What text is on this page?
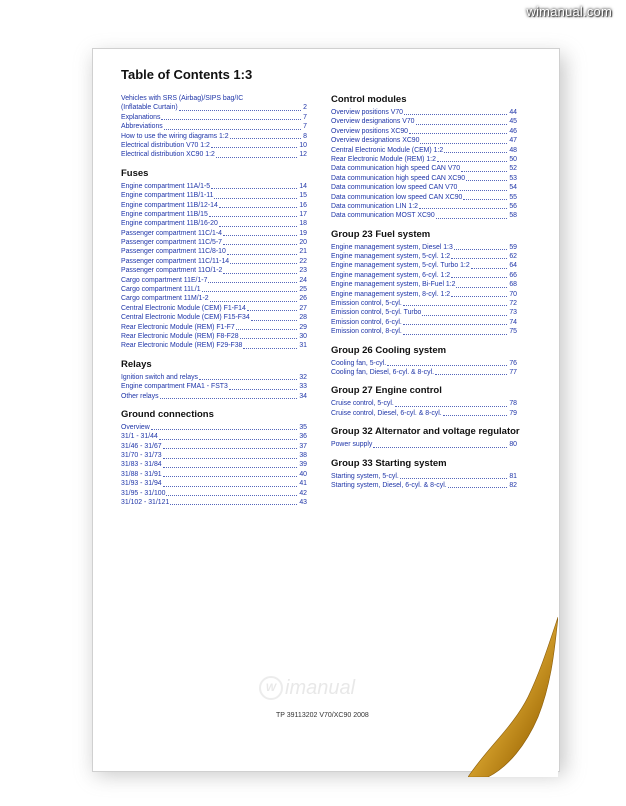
Table of Contents 1:3
Vehicles with SRS (Airbag)/SIPS bag/IC
(Inflatable Curtain)	2
Explanations	7
Abbreviations	7
How to use the wiring diagrams 1:2	8
Electrical distribution V70 1:2	10
Electrical distribution XC90 1:2	12
Fuses
Engine compartment 11A/1-5	14
Engine compartment 11B/1-11	15
Engine compartment 11B/12-14	16
Engine compartment 11B/15	17
Engine compartment 11B/16-20	18
Passenger compartment 11C/1-4	19
Passenger compartment 11C/5-7	20
Passenger compartment 11C/8-10	21
Passenger compartment 11C/11-14	22
Passenger compartment 11O/1-2	23
Cargo compartment 11E/1-7	24
Cargo compartment 11L/1	25
Cargo compartment 11M/1-2	26
Central Electronic Module (CEM) F1-F14	27
Central Electronic Module (CEM) F15-F34	28
Rear Electronic Module (REM) F1-F7	29
Rear Electronic Module (REM) F8-F28	30
Rear Electronic Module (REM) F29-F38	31
Relays
Ignition switch and relays	32
Engine compartment FMA1 - FST3	33
Other relays	34
Ground connections
Overview	35
31/1 - 31/44	36
31/46 - 31/67	37
31/70 - 31/73	38
31/83 - 31/84	39
31/88 - 31/91	40
31/93 - 31/94	41
31/95 - 31/100	42
31/102 - 31/121	43
Control modules
Overview positions V70	44
Overview designations V70	45
Overview positions XC90	46
Overview designations XC90	47
Central Electronic Module (CEM) 1:2	48
Rear Electronic Module (REM) 1:2	50
Data communication high speed CAN V70	52
Data communication high speed CAN XC90	53
Data communication low speed CAN V70	54
Data communication low speed CAN XC90	55
Data communication LIN 1:2	56
Data communication MOST XC90	58
Group 23 Fuel system
Engine management system, Diesel 1:3	59
Engine management system, 5-cyl. 1:2	62
Engine management system, 5-cyl. Turbo 1:2	64
Engine management system, 6-cyl. 1:2	66
Engine management system, Bi-Fuel 1:2	68
Engine management system, 8-cyl. 1:2	70
Emission control, 5-cyl.	72
Emission control, 5-cyl. Turbo	73
Emission control, 6-cyl.	74
Emission control, 8-cyl.	75
Group 26 Cooling system
Cooling fan, 5-cyl.	76
Cooling fan, Diesel, 6-cyl. & 8-cyl.	77
Group 27 Engine control
Cruise control, 5-cyl.	78
Cruise control, Diesel, 6-cyl. & 8-cyl.	79
Group 32 Alternator and voltage regulator
Power supply	80
Group 33 Starting system
Starting system, 5-cyl.	81
Starting system, Diesel, 6-cyl. & 8-cyl.	82
W imanual
TP 39113202 V70/XC90 2008
wimanual.com
